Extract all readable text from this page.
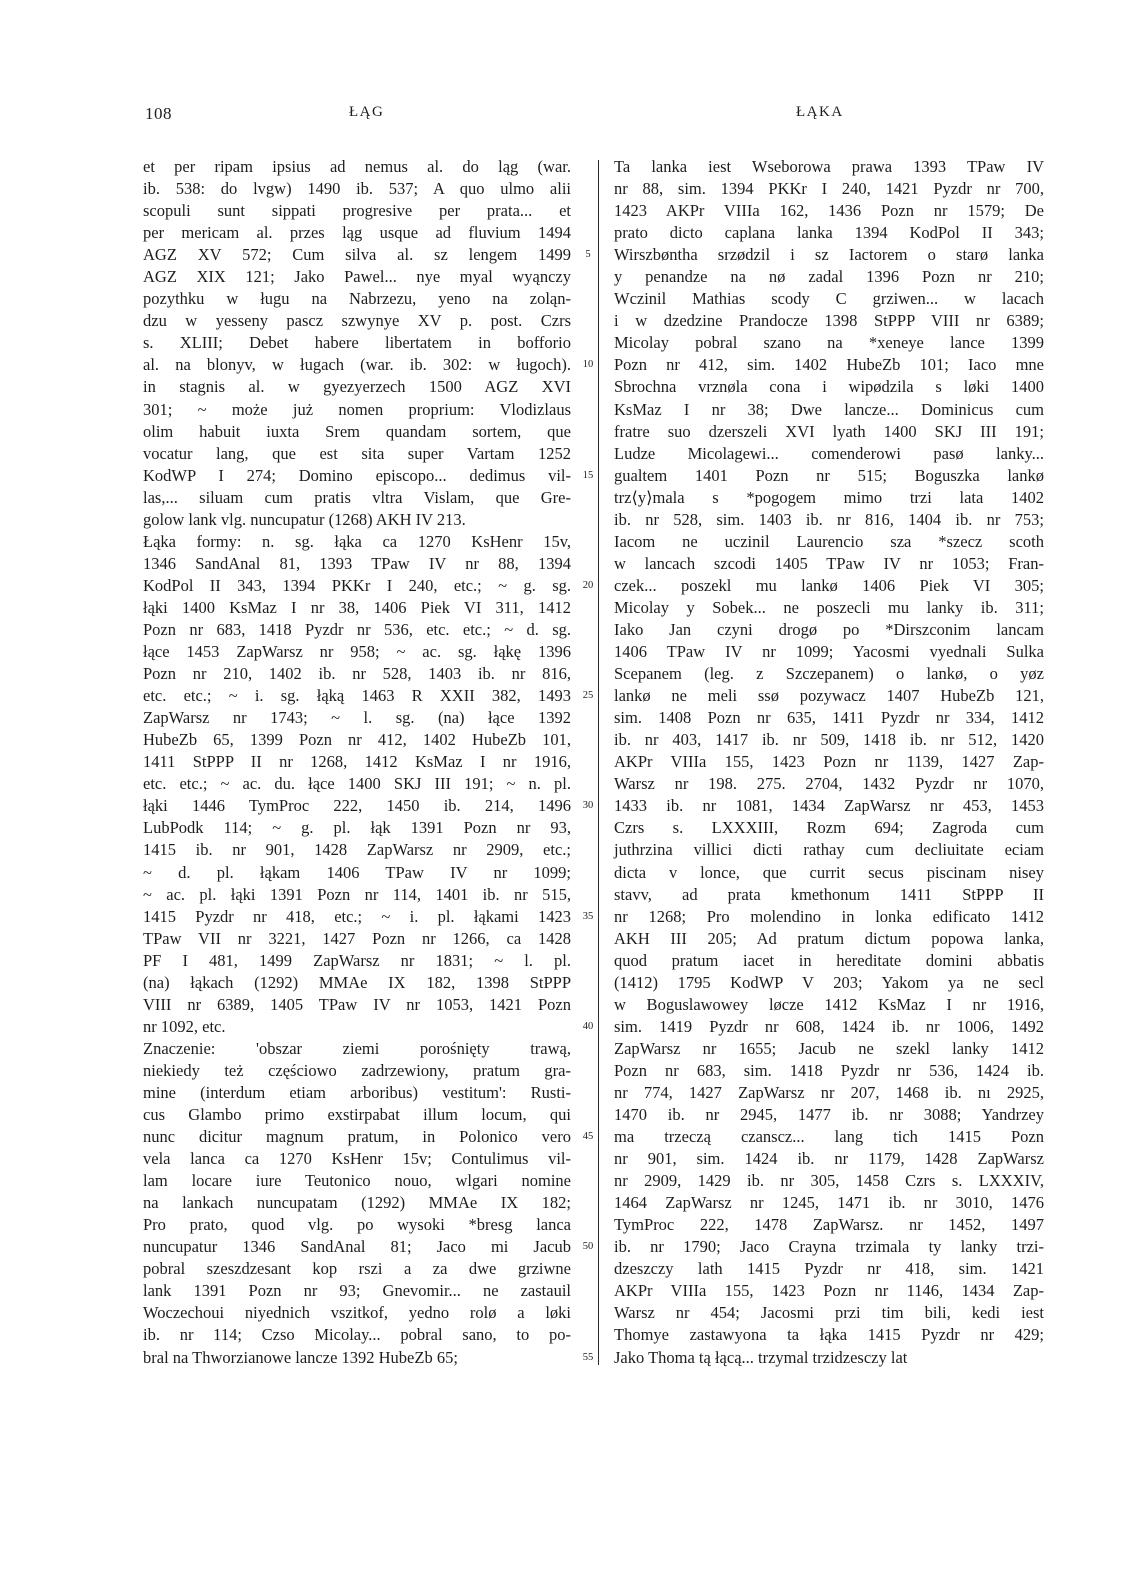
108	ŁĄG	ŁĄKA
et per ripam ipsius ad nemus al. do ląg (war.
ib. 538: do lvgw) 1490 ib. 537; A quo ulmo alii
scopuli sunt sippati progresive per prata... et
per mericam al. przes ląg usque ad fluvium 1494
AGZ XV 572; Cum silva al. sz lengem 1499
AGZ XIX 121; Jako Pawel... nye myal wyąnczy
pozythku w ługu na Nabrzezu, yeno na zoląn-
dzu w yesseny pascz szwynye XV p. post. Czrs
s. XLIII; Debet habere libertatem in bofforio
al. na blonyv, w ługach (war. ib. 302: w ługoch).
in stagnis al. w gyezyerzech 1500 AGZ XVI
301; ~ może już nomen proprium: Vlodizlaus
olim habuit iuxta Srem quandam sortem, que
vocatur lang, que est sita super Vartam 1252
KodWP I 274; Domino episcopo... dedimus vil-
las,... siluam cum pratis vltra Vislam, que Gre-
golow lank vlg. nuncupatur (1268) AKH IV 213.
Łąka formy: n. sg. łąka ca 1270 KsHenr 15v,
1346 SandAnal 81, 1393 TPaw IV nr 88, 1394
KodPol II 343, 1394 PKKr I 240, etc.; ~ g. sg.
łąki 1400 KsMaz I nr 38, 1406 Piek VI 311, 1412
Pozn nr 683, 1418 Pyzdr nr 536, etc. etc.; ~ d. sg.
łące 1453 ZapWarsz nr 958; ~ ac. sg. łąkę 1396
Pozn nr 210, 1402 ib. nr 528, 1403 ib. nr 816,
etc. etc.; ~ i. sg. łąką 1463 R XXII 382, 1493
ZapWarsz nr 1743; ~ l. sg. (na) łące 1392
HubeZb 65, 1399 Pozn nr 412, 1402 HubeZb 101,
1411 StPPP II nr 1268, 1412 KsMaz I nr 1916,
etc. etc.; ~ ac. du. łące 1400 SKJ III 191; ~ n. pl.
łąki 1446 TymProc 222, 1450 ib. 214, 1496
LubPodk 114; ~ g. pl. łąk 1391 Pozn nr 93,
1415 ib. nr 901, 1428 ZapWarsz nr 2909, etc.;
~ d. pl. łąkam 1406 TPaw IV nr 1099;
~ ac. pl. łąki 1391 Pozn nr 114, 1401 ib. nr 515,
1415 Pyzdr nr 418, etc.; ~ i. pl. łąkami 1423
TPaw VII nr 3221, 1427 Pozn nr 1266, ca 1428
PF I 481, 1499 ZapWarsz nr 1831; ~ l. pl.
(na) łąkach (1292) MMAe IX 182, 1398 StPPP
VIII nr 6389, 1405 TPaw IV nr 1053, 1421 Pozn
nr 1092, etc.
Znaczenie: 'obszar ziemi porośnięty trawą,
niekiedy też częściowo zadrzewiony, pratum gra-
mine (interdum etiam arboribus) vestitum': Rusti-
cus Glambo primo exstirpabat illum locum, qui
nunc dicitur magnum pratum, in Polonico vero
vela lanca ca 1270 KsHenr 15v; Contulimus vil-
lam locare iure Teutonico nouo, wlgari nomine
na lankach nuncupatam (1292) MMAe IX 182;
Pro prato, quod vlg. po wysoki *bresg lanca
nuncupatur 1346 SandAnal 81; Jaco mi Jacub
pobral szeszdzesant kop rszi a za dwe grziwne
lank 1391 Pozn nr 93; Gnevomir... ne zastauil
Woczechoui niyednich vszitkof, yedno rolø a løki
ib. nr 114; Czso Micolay... pobral sano, to po-
bral na Thworzianowe lancze 1392 HubeZb 65;
5
10
15
20
25
30
35
40
45
50
55
Ta lanka iest Wseborowa prawa 1393 TPaw IV
nr 88, sim. 1394 PKKr I 240, 1421 Pyzdr nr 700,
1423 AKPr VIIIa 162, 1436 Pozn nr 1579; De
prato dicto caplana lanka 1394 KodPol II 343;
Wirszbøntha srzødzil i sz Iactorem o starø lanka
y penandze na nø zadal 1396 Pozn nr 210;
Wczinil Mathias scody C grziwen... w lacach
i w dzedzine Prandocze 1398 StPPP VIII nr 6389;
Micolay pobral szano na *xeneye lance 1399
Pozn nr 412, sim. 1402 HubeZb 101; Iaco mne
Sbrochna vrznøla cona i wipødzila s løki 1400
KsMaz I nr 38; Dwe lancze... Dominicus cum
fratre suo dzerszeli XVI lyath 1400 SKJ III 191;
Ludze Micolagewi... comenderowi pasø lanky...
gualtem 1401 Pozn nr 515; Boguszka lankø
trz⟨y⟩mala s *pogogem mimo trzi lata 1402
ib. nr 528, sim. 1403 ib. nr 816, 1404 ib. nr 753;
Iacom ne uczinil Laurencio sza *szecz scoth
w lancach szcodi 1405 TPaw IV nr 1053; Fran-
czek... poszekl mu lankø 1406 Piek VI 305;
Micolay y Sobek... ne poszecli mu lanky ib. 311;
Iako Jan czyni drogø po *Dirszconim lancam
1406 TPaw IV nr 1099; Yacosmi vyednali Sulka
Scepanem (leg. z Szczepanem) o lankø, o yøz
lankø ne meli ssø pozywacz 1407 HubeZb 121,
sim. 1408 Pozn nr 635, 1411 Pyzdr nr 334, 1412
ib. nr 403, 1417 ib. nr 509, 1418 ib. nr 512, 1420
AKPr VIIIa 155, 1423 Pozn nr 1139, 1427 Zap-
Warsz nr 198. 275. 2704, 1432 Pyzdr nr 1070,
1433 ib. nr 1081, 1434 ZapWarsz nr 453, 1453
Czrs s. LXXXIII, Rozm 694; Zagroda cum
juthrzina villici dicti rathay cum decliuitate eciam
dicta v lonce, que currit secus piscinam nisey
stavv, ad prata kmethonum 1411 StPPP II
nr 1268; Pro molendino in lonka edificato 1412
AKH III 205; Ad pratum dictum popowa lanka,
quod pratum iacet in hereditate domini abbatis
(1412) 1795 KodWP V 203; Yakom ya ne secl
w Boguslawowey løcze 1412 KsMaz I nr 1916,
sim. 1419 Pyzdr nr 608, 1424 ib. nr 1006, 1492
ZapWarsz nr 1655; Jacub ne szekl lanky 1412
Pozn nr 683, sim. 1418 Pyzdr nr 536, 1424 ib.
nr 774, 1427 ZapWarsz nr 207, 1468 ib. nı 2925,
1470 ib. nr 2945, 1477 ib. nr 3088; Yandrzey
ma trzeczą czanscz... lang tich 1415 Pozn
nr 901, sim. 1424 ib. nr 1179, 1428 ZapWarsz
nr 2909, 1429 ib. nr 305, 1458 Czrs s. LXXXIV,
1464 ZapWarsz nr 1245, 1471 ib. nr 3010, 1476
TymProc 222, 1478 ZapWarsz. nr 1452, 1497
ib. nr 1790; Jaco Crayna trzimala ty lanky trzi-
dzeszczy lath 1415 Pyzdr nr 418, sim. 1421
AKPr VIIIa 155, 1423 Pozn nr 1146, 1434 Zap-
Warsz nr 454; Jacosmi przi tim bili, kedi iest
Thomye zastawyona ta łąka 1415 Pyzdr nr 429;
Jako Thoma tą łącą... trzymal trzidzesczy lat
